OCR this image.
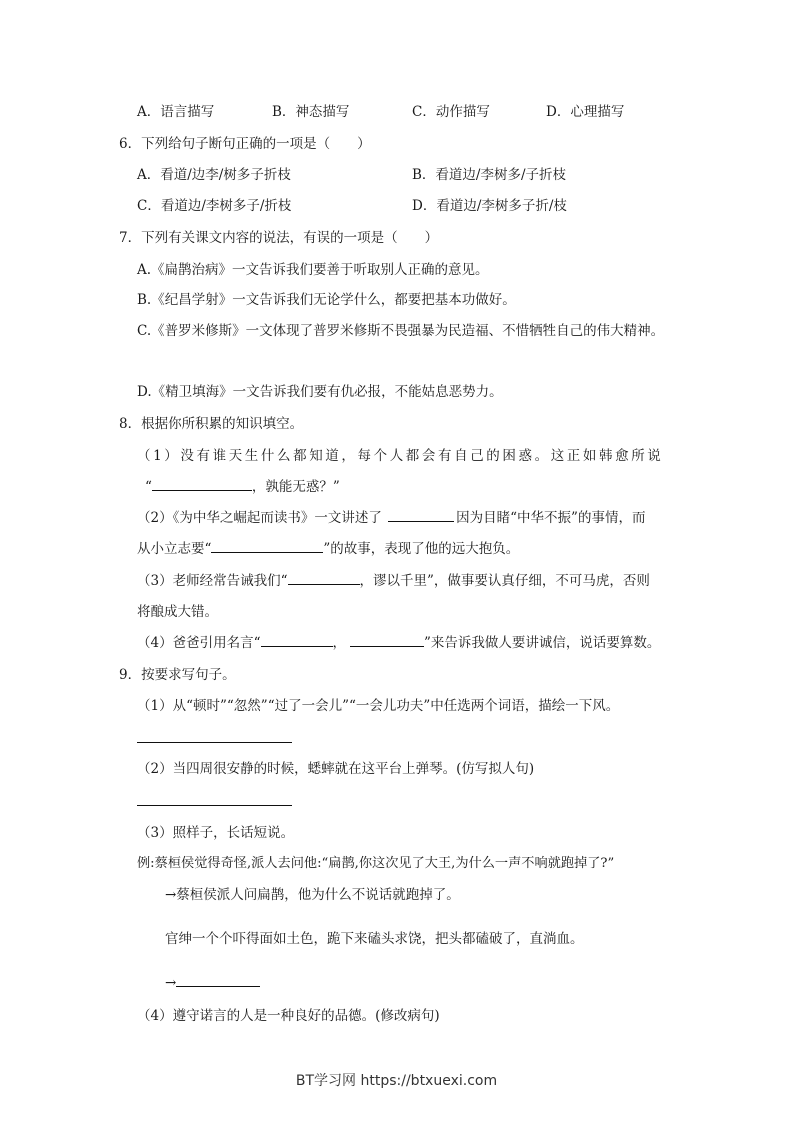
A．语言描写	B．神态描写	C．动作描写	D．心理描写
6．下列给句子断句正确的一项是（　　）
A．看道/边李/树多子折枝	B．看道边/李树多/子折枝
C．看道边/李树多子/折枝	D．看道边/李树多子折/枝
7．下列有关课文内容的说法，有误的一项是（　　）
A.《扁鹊治病》一文告诉我们要善于听取别人正确的意见。
B.《纪昌学射》一文告诉我们无论学什么，都要把基本功做好。
C.《普罗米修斯》一文体现了普罗米修斯不畏强暴为民造福、不惜牺牲自己的伟大精神。
D.《精卫填海》一文告诉我们要有仇必报，不能姑息恶势力。
8．根据你所积累的知识填空。
（1）没有谁天生什么都知道，每个人都会有自己的困惑。这正如韩愈所说
“	，孰能无惑？”
（2）《为中华之崛起而读书》一文讲述了	因为目睹“中华不振”的事情，而
从小立志要“	”的故事，表现了他的远大抱负。
（3）老师经常告诫我们“	，谬以千里”，做事要认真仔细，不可马虎，否则
将酿成大错。
（4）爸爸引用名言“	，	”来告诉我做人要讲诚信，说话要算数。
9．按要求写句子。
（1）从“顿时”“忽然”“过了一会儿”“一会儿功夫”中任选两个词语，描绘一下风。
（2）当四周很安静的时候，蟋蟀就在这平台上弹琴。(仿写拟人句)
（3）照样子，长话短说。
例:蔡桓侯觉得奇怪,派人去问他:“扁鹊,你这次见了大王,为什么一声不响就跑掉了?”
→蔡桓侯派人问扁鹊，他为什么不说话就跑掉了。
官绅一个个吓得面如土色，跪下来磕头求饶，把头都磕破了，直淌血。
→
（4）遵守诺言的人是一种良好的品德。(修改病句)
BT学习网 https://btxuexi.com
